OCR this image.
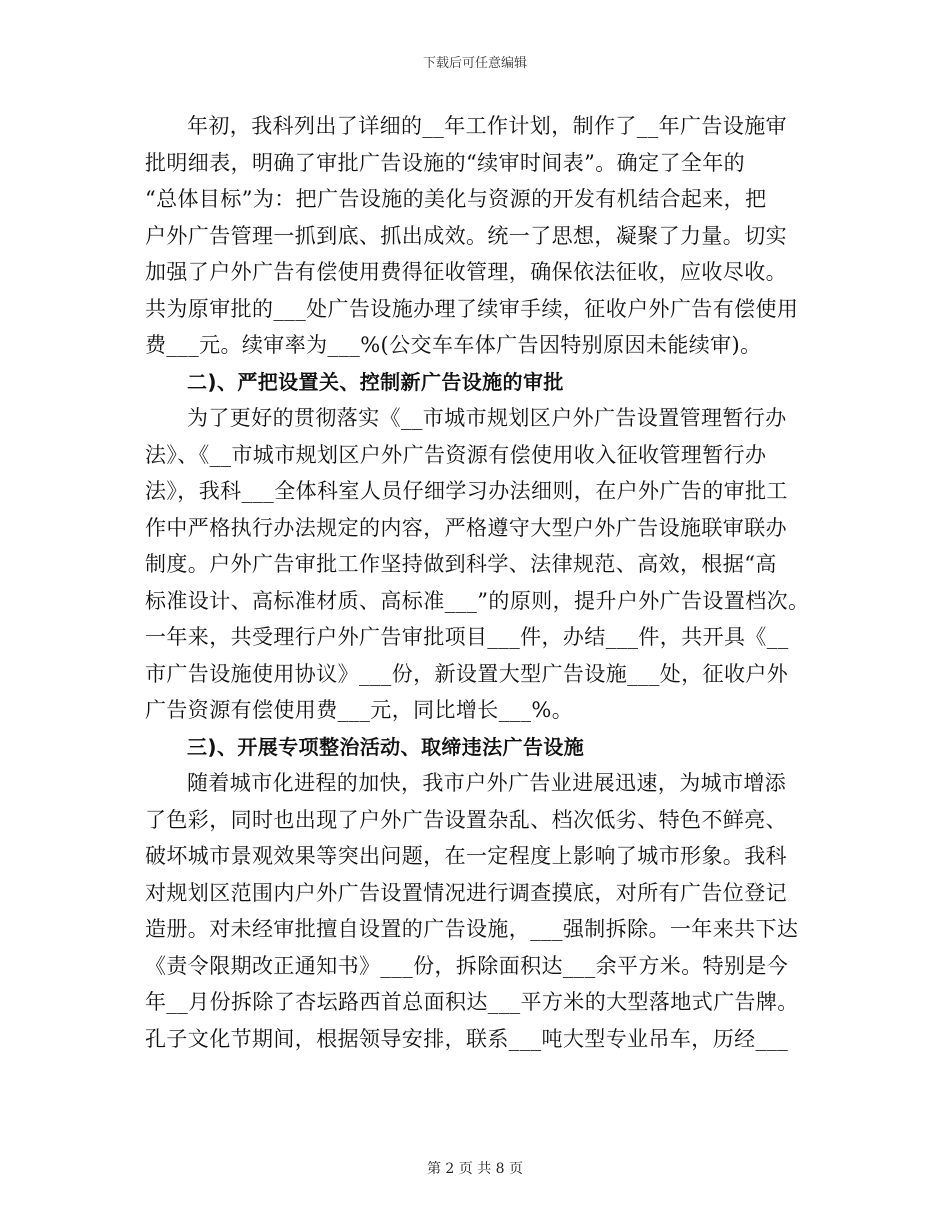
下载后可任意编辑
年初，我科列出了详细的__年工作计划，制作了__年广告设施审
批明细表，明确了审批广告设施的“续审时间表”。确定了全年的
“总体目标”为：把广告设施的美化与资源的开发有机结合起来，把
户外广告管理一抓到底、抓出成效。统一了思想，凝聚了力量。切实
加强了户外广告有偿使用费得征收管理，确保依法征收，应收尽收。
共为原审批的___处广告设施办理了续审手续，征收户外广告有偿使用
费___元。续审率为___%(公交车车体广告因特别原因未能续审)。
二)、严把设置关、控制新广告设施的审批
为了更好的贯彻落实《__市城市规划区户外广告设置管理暂行办
法》、《__市城市规划区户外广告资源有偿使用收入征收管理暂行办
法》，我科___全体科室人员仔细学习办法细则，在户外广告的审批工
作中严格执行办法规定的内容，严格遵守大型户外广告设施联审联办
制度。户外广告审批工作坚持做到科学、法律规范、高效，根据“高
标准设计、高标准材质、高标准___”的原则，提升户外广告设置档次。
一年来，共受理行户外广告审批项目___件，办结___件，共开具《__
市广告设施使用协议》___份，新设置大型广告设施___处，征收户外
广告资源有偿使用费___元，同比增长___%。
三)、开展专项整治活动、取缔违法广告设施
随着城市化进程的加快，我市户外广告业进展迅速，为城市增添
了色彩，同时也出现了户外广告设置杂乱、档次低劣、特色不鲜亮、
破坏城市景观效果等突出问题，在一定程度上影响了城市形象。我科
对规划区范围内户外广告设置情况进行调查摸底，对所有广告位登记
造册。对未经审批擅自设置的广告设施，___强制拆除。一年来共下达
《责令限期改正通知书》___份，拆除面积达___余平方米。特别是今
年__月份拆除了杏坛路西首总面积达___平方米的大型落地式广告牌。
孔子文化节期间，根据领导安排，联系___吨大型专业吊车，历经___
第 2 页 共 8 页
